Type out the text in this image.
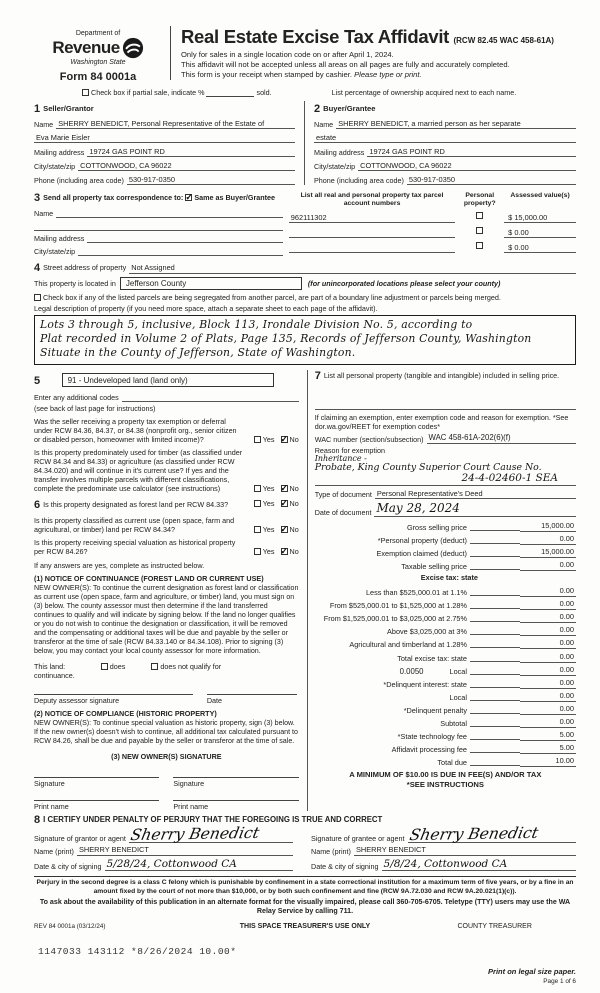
Department of
Revenue
Washington State
Form 84 0001a
Real Estate Excise Tax Affidavit (RCW 82.45 WAC 458-61A)
Only for sales in a single location code on or after April 1, 2024.
This affidavit will not be accepted unless all areas on all pages are fully and accurately completed.
This form is your receipt when stamped by cashier. Please type or print.
Check box if partial sale, indicate %	sold.	List percentage of ownership acquired next to each name.
1 Seller/Grantor
Name SHERRY BENEDICT, Personal Representative of the Estate of
Eva Marie Eisler
Mailing address 19724 GAS POINT RD
City/state/zip COTTONWOOD, CA 96022
Phone (including area code) 530-917-0350
2 Buyer/Grantee
Name SHERRY BENEDICT, a married person as her separate
estate
Mailing address 19724 GAS POINT RD
City/state/zip COTTONWOOD, CA 96022
Phone (including area code) 530-917-0350
3 Send all property tax correspondence to: ✓ Same as Buyer/Grantee
Name
Mailing address
City/state/zip
List all real and personal property tax parcel account numbers
Personal property?
Assessed value(s)
962111302	$ 15,000.00
$ 0.00
$ 0.00
4 Street address of property Not Assigned
This property is located in	Jefferson County	(for unincorporated locations please select your county)
Check box if any of the listed parcels are being segregated from another parcel, are part of a boundary line adjustment or parcels being merged.
Legal description of property (if you need more space, attach a separate sheet to each page of the affidavit).
Lots 3 through 5, inclusive, Block 113, Irondale Division No. 5, according to
Plat recorded in Volume 2 of Plats, Page 135, Records of Jefferson County, Washington
Situate in the County of Jefferson, State of Washington.
5	91 - Undeveloped land (land only)
Enter any additional codes
(see back of last page for instructions)
Was the seller receiving a property tax exemption or deferral under RCW 84.36, 84.37, or 84.38 (nonprofit org., senior citizen or disabled person, homeowner with limited income)?	Yes ✓ No
Is this property predominately used for timber (as classified under RCW 84.34 and 84.33) or agriculture (as classified under RCW 84.34.020) and will continue in it's current use? If yes and the transfer involves multiple parcels with different classifications, complete the predominate use calculator (see instructions)	Yes ✓ No
6 Is this property designated as forest land per RCW 84.33?	Yes ✓ No
Is this property classified as current use (open space, farm and agricultural, or timber) land per RCW 84.34?	Yes ✓ No
Is this property receiving special valuation as historical property per RCW 84.26?	Yes ✓ No
If any answers are yes, complete as instructed below.
(1) NOTICE OF CONTINUANCE (FOREST LAND OR CURRENT USE)
NEW OWNER(S): To continue the current designation as forest land or classification as current use (open space, farm and agriculture, or timber) land, you must sign on (3) below. The county assessor must then determine if the land transferred continues to qualify and will indicate by signing below. If the land no longer qualifies or you do not wish to continue the designation or classification, it will be removed and the compensating or additional taxes will be due and payable by the seller or transferor at the time of sale (RCW 84.33.140 or 84.34.108). Prior to signing (3) below, you may contact your local county assessor for more information.
This land:
continuance.
does	does not qualify for
Deputy assessor signature	Date
(2) NOTICE OF COMPLIANCE (HISTORIC PROPERTY)
NEW OWNER(S): To continue special valuation as historic property, sign (3) below. If the new owner(s) doesn't wish to continue, all additional tax calculated pursuant to RCW 84.26, shall be due and payable by the seller or transferor at the time of sale.
(3) NEW OWNER(S) SIGNATURE
Signature	Signature
Print name	Print name
7 List all personal property (tangible and intangible) included in selling price.
If claiming an exemption, enter exemption code and reason for exemption. *See dor.wa.gov/REET for exemption codes*
WAC number (section/subsection) WAC 458-61A-202(6)(f)
Reason for exemption
Inheritance -
Probate, King County Superior Court Cause No.
24-4-02460-1 SEA
Type of document Personal Representative's Deed
Date of document May 28, 2024
Gross selling price	15,000.00
*Personal property (deduct)	0.00
Exemption claimed (deduct)	15,000.00
Taxable selling price	0.00
Excise tax: state
Less than $525,000.01 at 1.1%	0.00
From $525,000.01 to $1,525,000 at 1.28%	0.00
From $1,525,000.01 to $3,025,000 at 2.75%	0.00
Above $3,025,000 at 3%	0.00
Agricultural and timberland at 1.28%	0.00
Total excise tax: state	0.00
0.0050	Local	0.00
*Delinquent interest: state	0.00
Local	0.00
*Delinquent penalty	0.00
Subtotal	0.00
*State technology fee	5.00
Affidavit processing fee	5.00
Total due	10.00
A MINIMUM OF $10.00 IS DUE IN FEE(S) AND/OR TAX
*SEE INSTRUCTIONS
8 I CERTIFY UNDER PENALTY OF PERJURY THAT THE FOREGOING IS TRUE AND CORRECT
Signature of grantor or agent Sherry Benedict
Name (print) SHERRY BENEDICT
Date & city of signing 5/28/24, Cottonwood CA
Signature of grantee or agent Sherry Benedict
Name (print) SHERRY BENEDICT
Date & city of signing 5/8/24, Cottonwood CA
Perjury in the second degree is a class C felony which is punishable by confinement in a state correctional institution for a maximum term of five years, or by a fine in an amount fixed by the court of not more than $10,000, or by both such confinement and fine (RCW 9A.72.030 and RCW 9A.20.021(1)(c)).
To ask about the availability of this publication in an alternate format for the visually impaired, please call 360-705-6705. Teletype (TTY) users may use the WA Relay Service by calling 711.
REV 84 0001a (03/12/24)	THIS SPACE TREASURER'S USE ONLY	COUNTY TREASURER
1147033 143112 *8/26/2024 10.00*
Print on legal size paper.
Page 1 of 6
